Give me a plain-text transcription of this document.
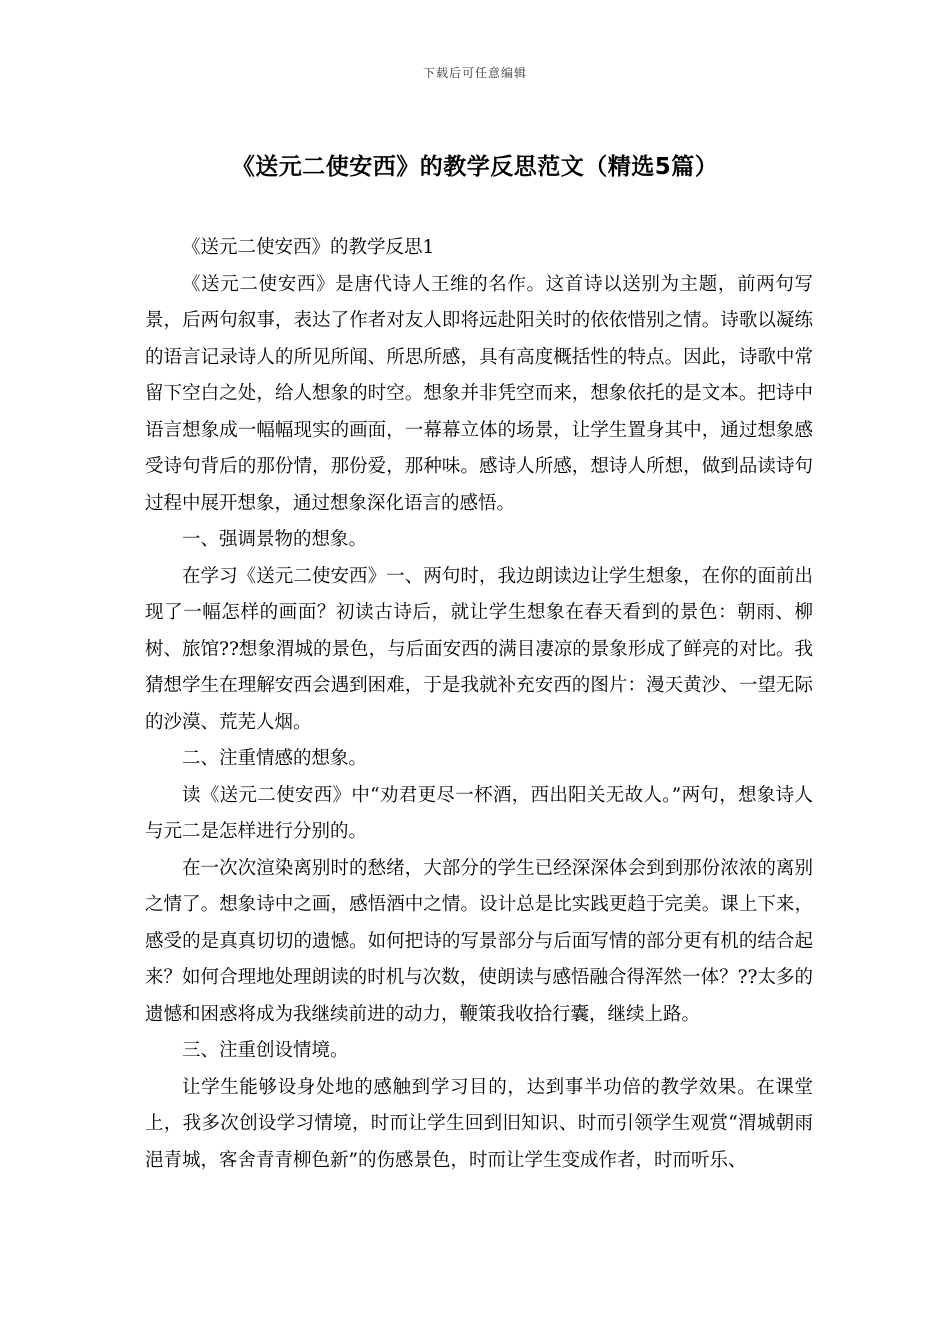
下载后可任意编辑
《送元二使安西》的教学反思范文（精选5篇）

《送元二使安西》的教学反思1

《送元二使安西》是唐代诗人王维的名作。这首诗以送别为主题，前两句写景，后两句叙事，表达了作者对友人即将远赴阳关时的依依惜别之情。诗歌以凝练的语言记录诗人的所见所闻、所思所感，具有高度概括性的特点。因此，诗歌中常留下空白之处，给人想象的时空。想象并非凭空而来，想象依托的是文本。把诗中语言想象成一幅幅现实的画面，一幕幕立体的场景，让学生置身其中，通过想象感受诗句背后的那份情，那份爱，那种味。感诗人所感，想诗人所想，做到品读诗句过程中展开想象，通过想象深化语言的感悟。

一、强调景物的想象。

在学习《送元二使安西》一、两句时，我边朗读边让学生想象，在你的面前出现了一幅怎样的画面？初读古诗后，就让学生想象在春天看到的景色：朝雨、柳树、旅馆??想象渭城的景色，与后面安西的满目凄凉的景象形成了鲜亮的对比。我猜想学生在理解安西会遇到困难，于是我就补充安西的图片：漫天黄沙、一望无际的沙漠、荒芜人烟。

二、注重情感的想象。

读《送元二使安西》中“劝君更尽一杯酒，西出阳关无故人。”两句，想象诗人与元二是怎样进行分别的。

在一次次渲染离别时的愁绪，大部分的学生已经深深体会到到那份浓浓的离别之情了。想象诗中之画，感悟酒中之情。设计总是比实践更趋于完美。课上下来，感受的是真真切切的遗憾。如何把诗的写景部分与后面写情的部分更有机的结合起来？如何合理地处理朗读的时机与次数，使朗读与感悟融合得浑然一体？??太多的遗憾和困惑将成为我继续前进的动力，鞭策我收拾行囊，继续上路。

三、注重创设情境。

让学生能够设身处地的感触到学习目的，达到事半功倍的教学效果。在课堂上，我多次创设学习情境，时而让学生回到旧知识、时而引领学生观赏“渭城朝雨浥青城，客舍青青柳色新”的伤感景色，时而让学生变成作者，时而听乐、
